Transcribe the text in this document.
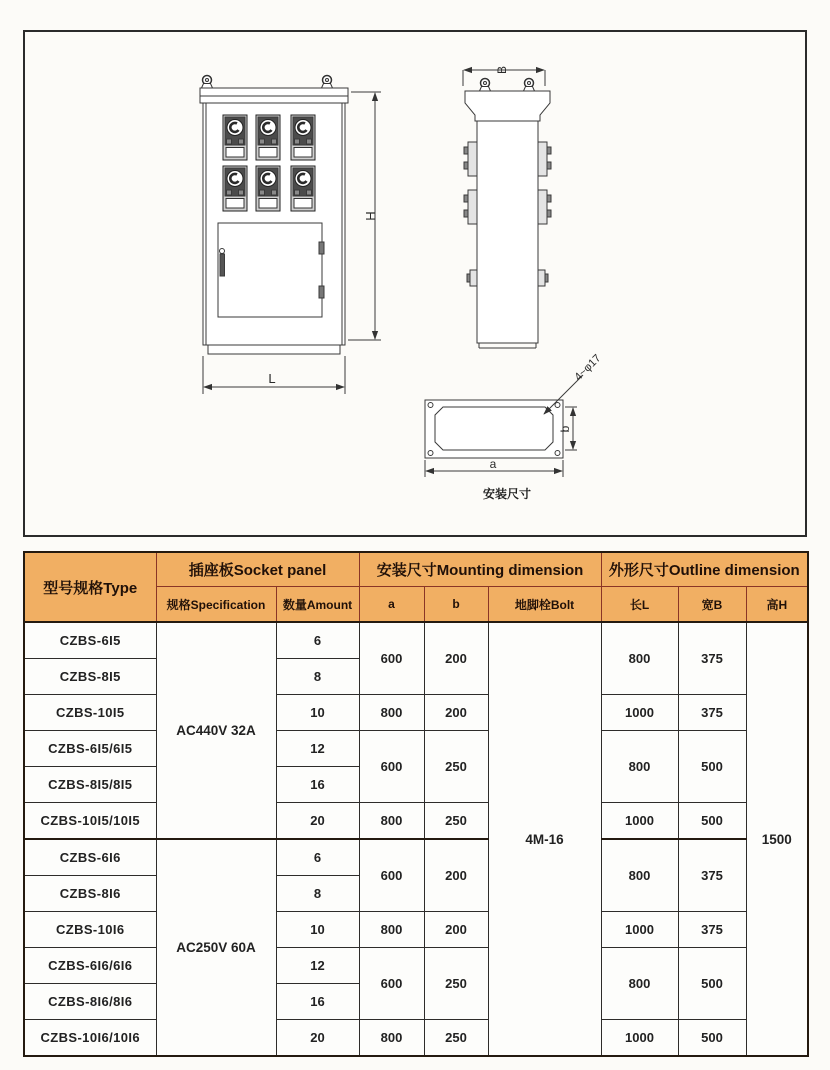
L
H
B
4~φ17
a
b
安装尺寸
型号规格Type	插座板Socket panel		安装尺寸Mounting dimension			外形尺寸Outline dimension		
	规格Specification	数量Amount	a	b	地脚栓Bolt	长L	宽B	高H
CZBS-6I5	AC440V 32A	6	600	200	4M-16	800	375	1500
CZBS-8I5		8						
CZBS-10I5		10	800	200		1000	375	
CZBS-6I5/6I5		12	600	250		800	500	
CZBS-8I5/8I5		16						
CZBS-10I5/10I5		20	800	250		1000	500	
CZBS-6I6	AC250V 60A	6	600	200		800	375	
CZBS-8I6		8						
CZBS-10I6		10	800	200		1000	375	
CZBS-6I6/6I6		12	600	250		800	500	
CZBS-8I6/8I6		16						
CZBS-10I6/10I6		20	800	250		1000	500	
